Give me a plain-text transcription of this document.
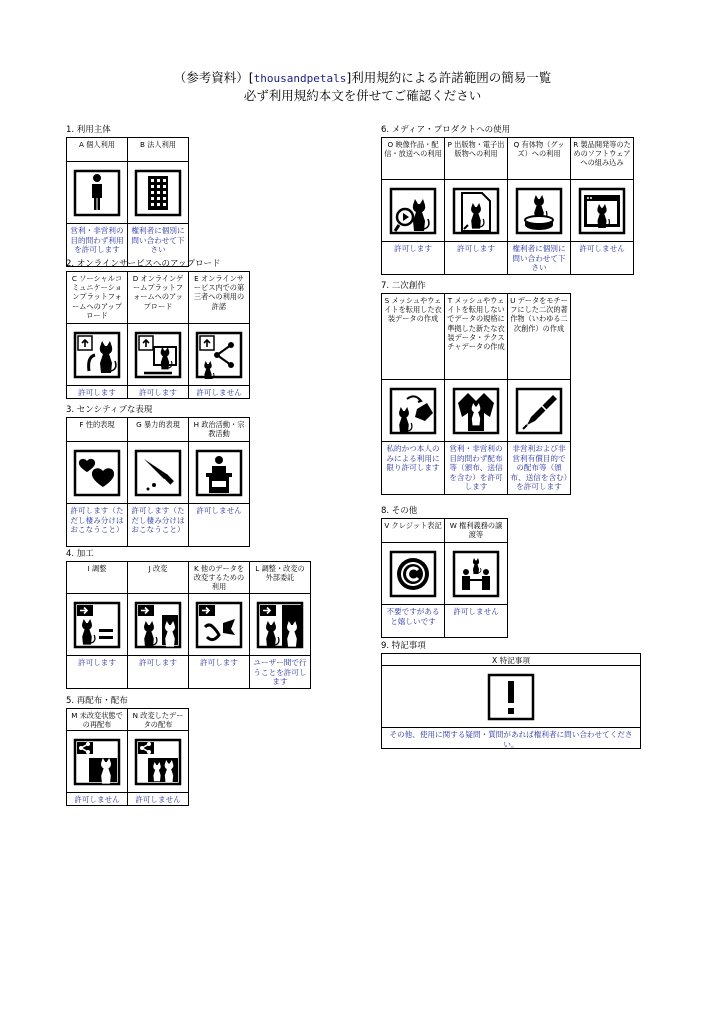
（参考資料）[thousandpetals]利用規約による許諾範囲の簡易一覧
必ず利用規約本文を併せてご確認ください
1. 利用主体
A 個人利用
営利・非営利の目的問わず利用を許可します
B 法人利用
権利者に個別に問い合わせて下さい
2. オンラインサービスへのアップロード
C ソーシャルコミュニケーションプラットフォームへのアップロード
許可します
D オンラインゲームプラットフォームへのアップロード
許可します
E オンラインサービス内での第三者への利用の許諾
許可しません
3. センシティブな表現
F 性的表現
許可します（ただし棲み分けはおこなうこと）
G 暴力的表現
許可します（ただし棲み分けはおこなうこと）
H 政治活動・宗教活動
許可しません
4. 加工
I 調整
許可します
J 改変
許可します
K 他のデータを改変するための利用
許可します
L 調整・改変の外部委託
ユーザー間で行うことを許可します
5. 再配布・配布
M 未改変状態での再配布
許可しません
N 改変したデータの配布
許可しません
6. メディア・プロダクトへの使用
O 映像作品・配信・放送への利用
許可します
P 出版物・電子出版物への利用
許可します
Q 有体物（グッズ）への利用
権利者に個別に問い合わせて下さい
R 製品開発等のためのソフトウェアへの組み込み
許可しません
7. 二次創作
S メッシュやウェイトを転用した衣装データの作成
私的かつ本人のみによる利用に限り許可します
T メッシュやウェイトを転用しないでデータの規格に準拠した新たな衣装データ・テクスチャデータの作成
営利・非営利の目的問わず配布等（頒布、送信を含む）を許可します
U データをモチーフにした二次的著作物（いわゆる二次創作）の作成
非営利および非営利有償目的での配布等（頒布、送信を含む）を許可します
8. その他
V クレジット表記
不要ですがあると嬉しいです
W 権利義務の譲渡等
許可しません
9. 特記事項
X 特記事項
その他、使用に関する疑問・質問があれば権利者に問い合わせてください。
